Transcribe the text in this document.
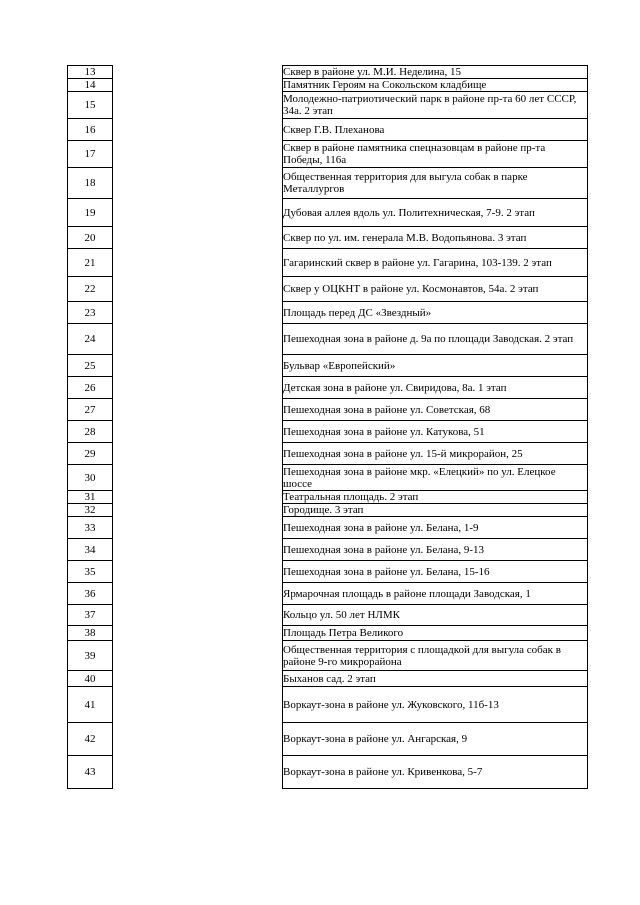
13		Сквер в районе ул. М.И. Неделина, 15
14		Памятник Героям на Сокольском кладбище
15		Молодежно-патриотический парк в районе пр-та 60 лет СССР, 34а. 2 этап
16		Сквер Г.В. Плеханова
17		Сквер в районе памятника спецназовцам в районе пр-та Победы, 116а
18		Общественная территория для выгула собак в парке Металлургов
19		Дубовая аллея вдоль ул. Политехническая, 7-9. 2 этап
20		Сквер по ул. им. генерала М.В. Водопьянова. 3 этап
21		Гагаринский сквер в районе ул. Гагарина, 103-139. 2 этап
22		Сквер у ОЦКНТ в районе ул. Космонавтов, 54а. 2 этап
23		Площадь перед ДС «Звездный»
24		Пешеходная зона в районе д. 9а по площади Заводская. 2 этап
25		Бульвар «Европейский»
26		Детская зона в районе ул. Свиридова, 8а. 1 этап
27		Пешеходная зона в районе ул. Советская, 68
28		Пешеходная зона в районе ул. Катукова, 51
29		Пешеходная зона в районе ул. 15-й микрорайон, 25
30		Пешеходная зона в районе мкр. «Елецкий» по ул. Елецкое шоссе
31		Театральная площадь. 2 этап
32		Городище. 3 этап
33		Пешеходная зона в районе ул. Белана, 1-9
34		Пешеходная зона в районе ул. Белана, 9-13
35		Пешеходная зона в районе ул. Белана, 15-16
36		Ярмарочная площадь в районе площади Заводская, 1
37		Кольцо ул. 50 лет НЛМК
38		Площадь Петра Великого
39		Общественная территория с площадкой для выгула собак в районе 9-го микрорайона
40		Быханов сад. 2 этап
41		Воркаут-зона в районе ул. Жуковского, 11б-13
42		Воркаут-зона в районе ул. Ангарская, 9
43		Воркаут-зона в районе ул. Кривенкова, 5-7
